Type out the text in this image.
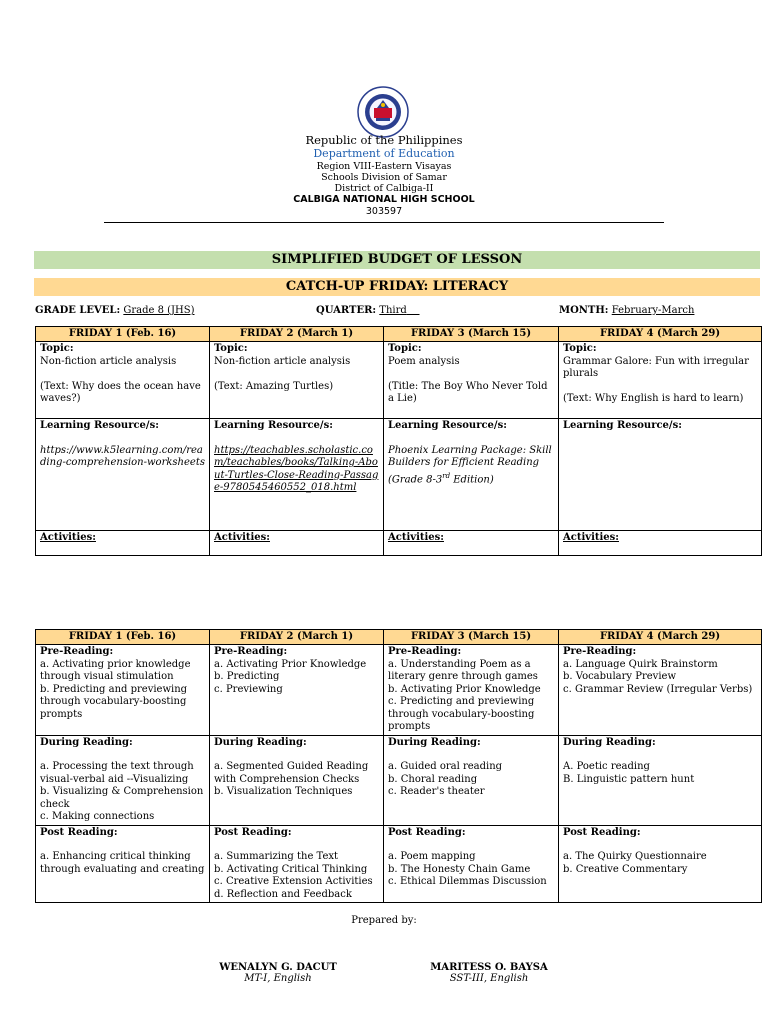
Republic of the Philippines
Department of Education
Region VIII-Eastern Visayas
Schools Division of Samar
District of Calbiga-II
CALBIGA NATIONAL HIGH SCHOOL
303597
SIMPLIFIED BUDGET OF LESSON
CATCH-UP FRIDAY: LITERACY
GRADE LEVEL: Grade 8 (JHS)	QUARTER: Third	MONTH: February-March
FRIDAY 1 (Feb. 16)	FRIDAY 2 (March 1)	FRIDAY 3 (March 15)	FRIDAY 4 (March 29)

Topic:
Non-fiction article analysis

(Text: Why does the ocean have waves?)	Topic:
Non-fiction article analysis

(Text: Amazing Turtles)	Topic:
Poem analysis

(Title: The Boy Who Never Told a Lie)	Topic:
Grammar Galore: Fun with irregular plurals

(Text: Why English is hard to learn)

Learning Resource/s:
https://www.k5learning.com/reading-comprehension-worksheets	Learning Resource/s:
https://teachables.scholastic.com/teachables/books/Talking-About-Turtles-Close-Reading-Passage-9780545460552_018.html	Learning Resource/s:
Phoenix Learning Package: Skill Builders for Efficient Reading (Grade 8-3rd Edition)	Learning Resource/s:

Activities:	Activities:	Activities:	Activities:
FRIDAY 1 (Feb. 16)	FRIDAY 2 (March 1)	FRIDAY 3 (March 15)	FRIDAY 4 (March 29)

Pre-Reading:
a. Activating prior knowledge through visual stimulation
b. Predicting and previewing through vocabulary-boosting prompts	Pre-Reading:
a. Activating Prior Knowledge
b. Predicting
c. Previewing	Pre-Reading:
a. Understanding Poem as a literary genre through games
b. Activating Prior Knowledge
c. Predicting and previewing through vocabulary-boosting prompts	Pre-Reading:
a. Language Quirk Brainstorm
b. Vocabulary Preview
c. Grammar Review (Irregular Verbs)

During Reading:
a. Processing the text through visual-verbal aid --Visualizing
b. Visualizing & Comprehension check
c. Making connections	During Reading:
a. Segmented Guided Reading with Comprehension Checks
b. Visualization Techniques	During Reading:
a. Guided oral reading
b. Choral reading
c. Reader's theater	During Reading:
A. Poetic reading
B. Linguistic pattern hunt

Post Reading:
a. Enhancing critical thinking through evaluating and creating	Post Reading:
a. Summarizing the Text
b. Activating Critical Thinking
c. Creative Extension Activities
d. Reflection and Feedback	Post Reading:
a. Poem mapping
b. The Honesty Chain Game
c. Ethical Dilemmas Discussion	Post Reading:
a. The Quirky Questionnaire
b. Creative Commentary
Prepared by:
WENALYN G. DACUT
MT-I, English
MARITESS O. BAYSA
SST-III, English
